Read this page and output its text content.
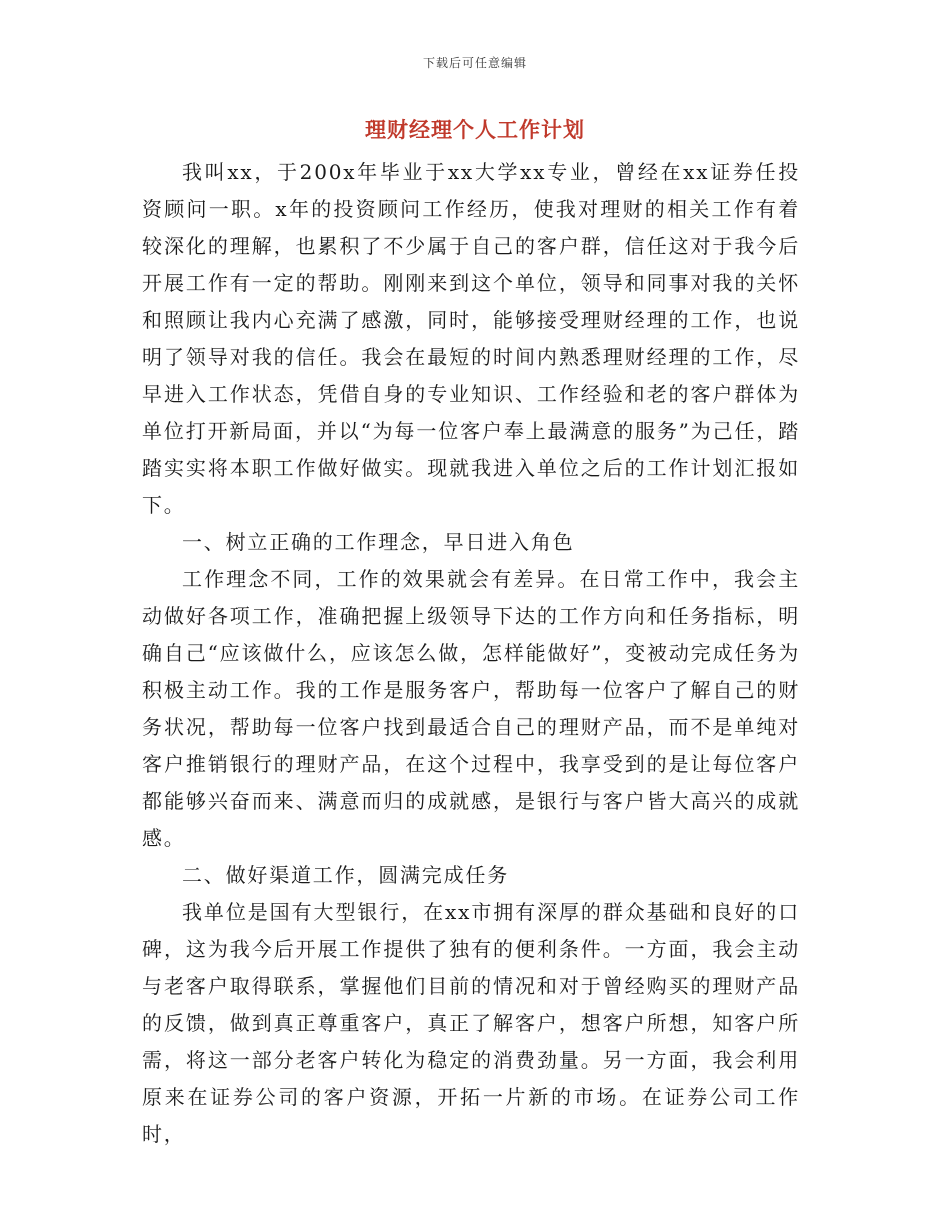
下载后可任意编辑
理财经理个人工作计划

我叫xx，于200x年毕业于xx大学xx专业，曾经在xx证券任投资顾问一职。x年的投资顾问工作经历，使我对理财的相关工作有着较深化的理解，也累积了不少属于自己的客户群，信任这对于我今后开展工作有一定的帮助。刚刚来到这个单位，领导和同事对我的关怀和照顾让我内心充满了感激，同时，能够接受理财经理的工作，也说明了领导对我的信任。我会在最短的时间内熟悉理财经理的工作，尽早进入工作状态，凭借自身的专业知识、工作经验和老的客户群体为单位打开新局面，并以“为每一位客户奉上最满意的服务”为己任，踏踏实实将本职工作做好做实。现就我进入单位之后的工作计划汇报如下。

一、树立正确的工作理念，早日进入角色

工作理念不同，工作的效果就会有差异。在日常工作中，我会主动做好各项工作，准确把握上级领导下达的工作方向和任务指标，明确自己“应该做什么，应该怎么做，怎样能做好”，变被动完成任务为积极主动工作。我的工作是服务客户，帮助每一位客户了解自己的财务状况，帮助每一位客户找到最适合自己的理财产品，而不是单纯对客户推销银行的理财产品，在这个过程中，我享受到的是让每位客户都能够兴奋而来、满意而归的成就感，是银行与客户皆大高兴的成就感。

二、做好渠道工作，圆满完成任务

我单位是国有大型银行，在xx市拥有深厚的群众基础和良好的口碑，这为我今后开展工作提供了独有的便利条件。一方面，我会主动与老客户取得联系，掌握他们目前的情况和对于曾经购买的理财产品的反馈，做到真正尊重客户，真正了解客户，想客户所想，知客户所需，将这一部分老客户转化为稳定的消费劲量。另一方面，我会利用原来在证券公司的客户资源，开拓一片新的市场。在证券公司工作时，
